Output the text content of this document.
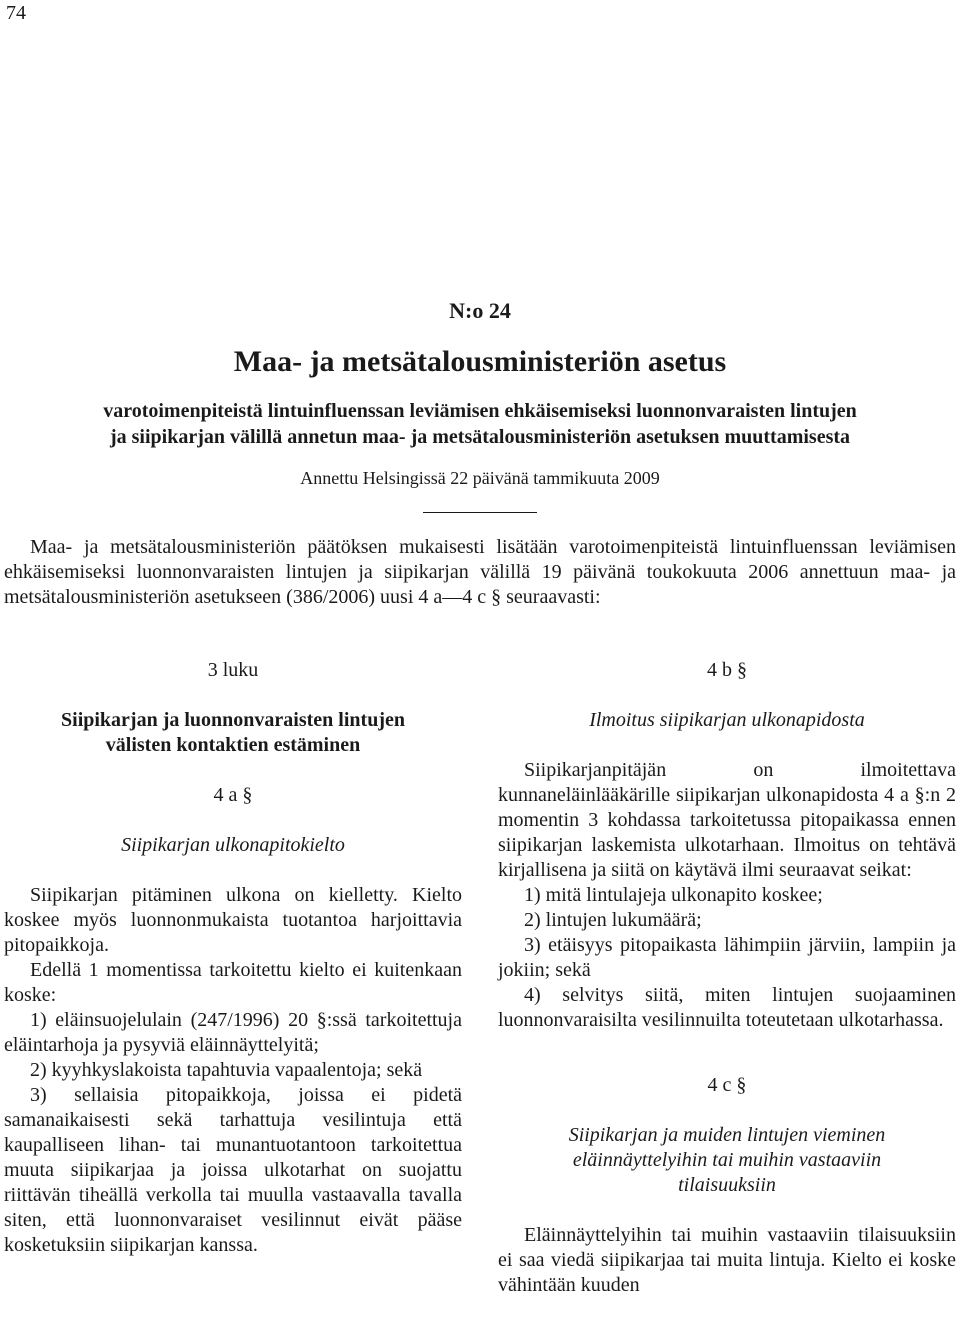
74
N:o 24
Maa- ja metsätalousministeriön asetus
varotoimenpiteistä lintuinfluenssan leviämisen ehkäisemiseksi luonnonvaraisten lintujen
ja siipikarjan välillä annetun maa- ja metsätalousministeriön asetuksen muuttamisesta
Annettu Helsingissä 22 päivänä tammikuuta 2009

Maa- ja metsätalousministeriön päätöksen mukaisesti lisätään varotoimenpiteistä lintuinfluenssan leviämisen ehkäisemiseksi luonnonvaraisten lintujen ja siipikarjan välillä 19 päivänä toukokuuta 2006 annettuun maa- ja metsätalousministeriön asetukseen (386/2006) uusi 4 a—4 c § seuraavasti:

3 luku

Siipikarjan ja luonnonvaraisten lintujen
välisten kontaktien estäminen

4 a §

Siipikarjan ulkonapitokielto

Siipikarjan pitäminen ulkona on kielletty. Kielto koskee myös luonnonmukaista tuotantoa harjoittavia pitopaikkoja.

Edellä 1 momentissa tarkoitettu kielto ei kuitenkaan koske:

1) eläinsuojelulain (247/1996) 20 §:ssä tarkoitettuja eläintarhoja ja pysyviä eläinnäyttelyitä;

2) kyyhkyslakoista tapahtuvia vapaalentoja; sekä

3) sellaisia pitopaikkoja, joissa ei pidetä samanaikaisesti sekä tarhattuja vesilintuja että kaupalliseen lihan- tai munantuotantoon tarkoitettua muuta siipikarjaa ja joissa ulkotarhat on suojattu riittävän tiheällä verkolla tai muulla vastaavalla tavalla siten, että luonnonvaraiset vesilinnut eivät pääse kosketuksiin siipikarjan kanssa.

4 b §

Ilmoitus siipikarjan ulkonapidosta

Siipikarjanpitäjän on ilmoitettava kunnaneläinlääkärille siipikarjan ulkonapidosta 4 a §:n 2 momentin 3 kohdassa tarkoitetussa pitopaikassa ennen siipikarjan laskemista ulkotarhaan. Ilmoitus on tehtävä kirjallisena ja siitä on käytävä ilmi seuraavat seikat:

1) mitä lintulajeja ulkonapito koskee;

2) lintujen lukumäärä;

3) etäisyys pitopaikasta lähimpiin järviin, lampiin ja jokiin; sekä

4) selvitys siitä, miten lintujen suojaaminen luonnonvaraisilta vesilinnuilta toteutetaan ulkotarhassa.

4 c §

Siipikarjan ja muiden lintujen vieminen
eläinnäyttelyihin tai muihin vastaaviin
tilaisuuksiin

Eläinnäyttelyihin tai muihin vastaaviin tilaisuuksiin ei saa viedä siipikarjaa tai muita lintuja. Kielto ei koske vähintään kuuden
